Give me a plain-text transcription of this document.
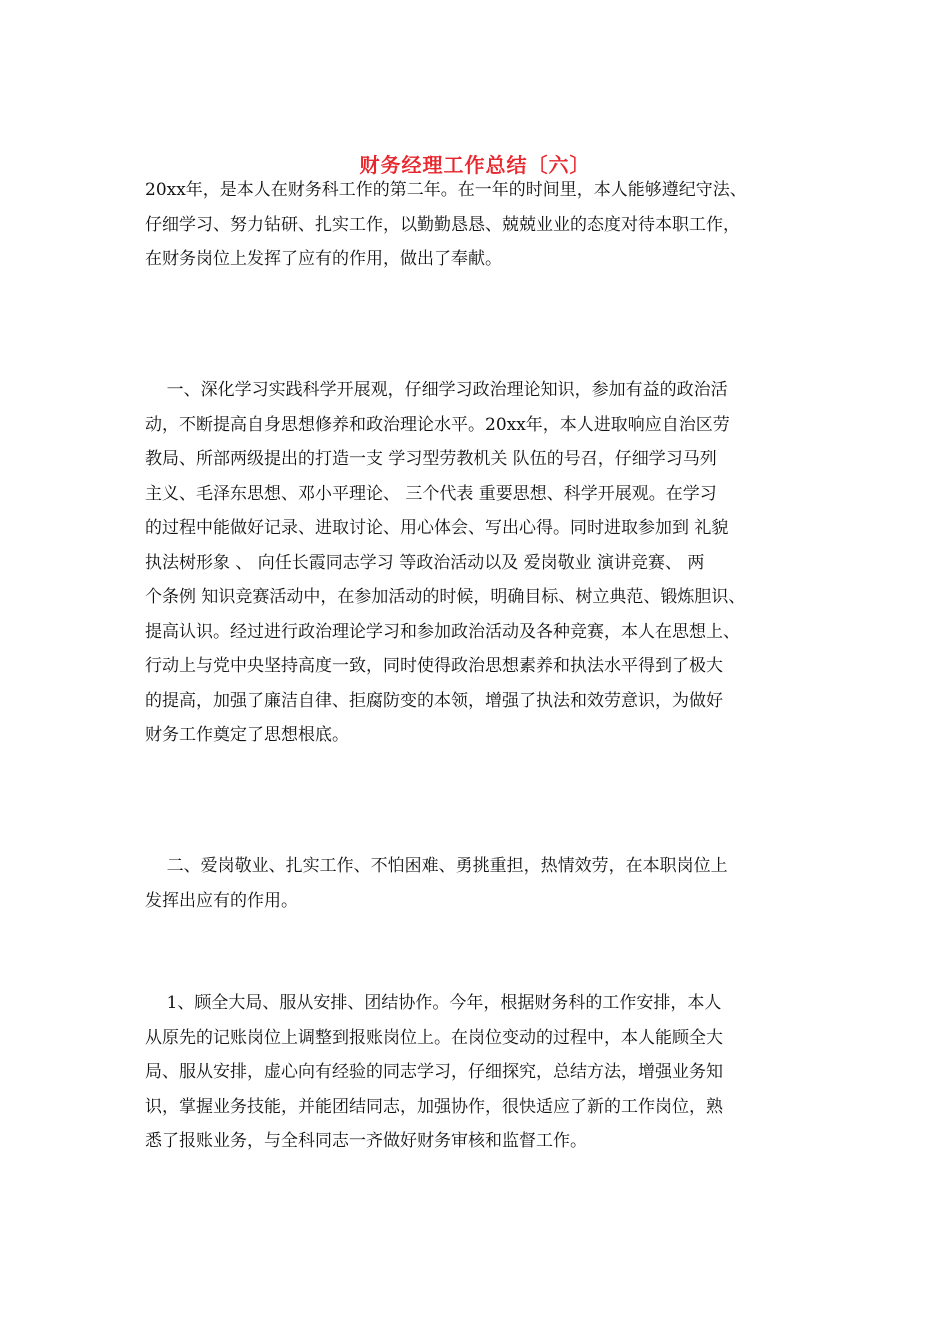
财务经理工作总结〔六〕
20xx年，是本人在财务科工作的第二年。在一年的时间里，本人能够遵纪守法、
仔细学习、努力钻研、扎实工作，以勤勤恳恳、兢兢业业的态度对待本职工作，
在财务岗位上发挥了应有的作用，做出了奉献。
一、深化学习实践科学开展观，仔细学习政治理论知识，参加有益的政治活
动，不断提高自身思想修养和政治理论水平。20xx年，本人进取响应自治区劳
教局、所部两级提出的打造一支 学习型劳教机关 队伍的号召，仔细学习马列
主义、毛泽东思想、邓小平理论、 三个代表 重要思想、科学开展观。在学习
的过程中能做好记录、进取讨论、用心体会、写出心得。同时进取参加到 礼貌
执法树形象 、 向任长霞同志学习 等政治活动以及 爱岗敬业 演讲竞赛、 两
个条例 知识竞赛活动中，在参加活动的时候，明确目标、树立典范、锻炼胆识、
提高认识。经过进行政治理论学习和参加政治活动及各种竞赛，本人在思想上、
行动上与党中央坚持高度一致，同时使得政治思想素养和执法水平得到了极大
的提高，加强了廉洁自律、拒腐防变的本领，增强了执法和效劳意识，为做好
财务工作奠定了思想根底。
二、爱岗敬业、扎实工作、不怕困难、勇挑重担，热情效劳，在本职岗位上
发挥出应有的作用。
1、顾全大局、服从安排、团结协作。今年，根据财务科的工作安排，本人
从原先的记账岗位上调整到报账岗位上。在岗位变动的过程中，本人能顾全大
局、服从安排，虚心向有经验的同志学习，仔细探究，总结方法，增强业务知
识，掌握业务技能，并能团结同志，加强协作，很快适应了新的工作岗位，熟
悉了报账业务，与全科同志一齐做好财务审核和监督工作。
